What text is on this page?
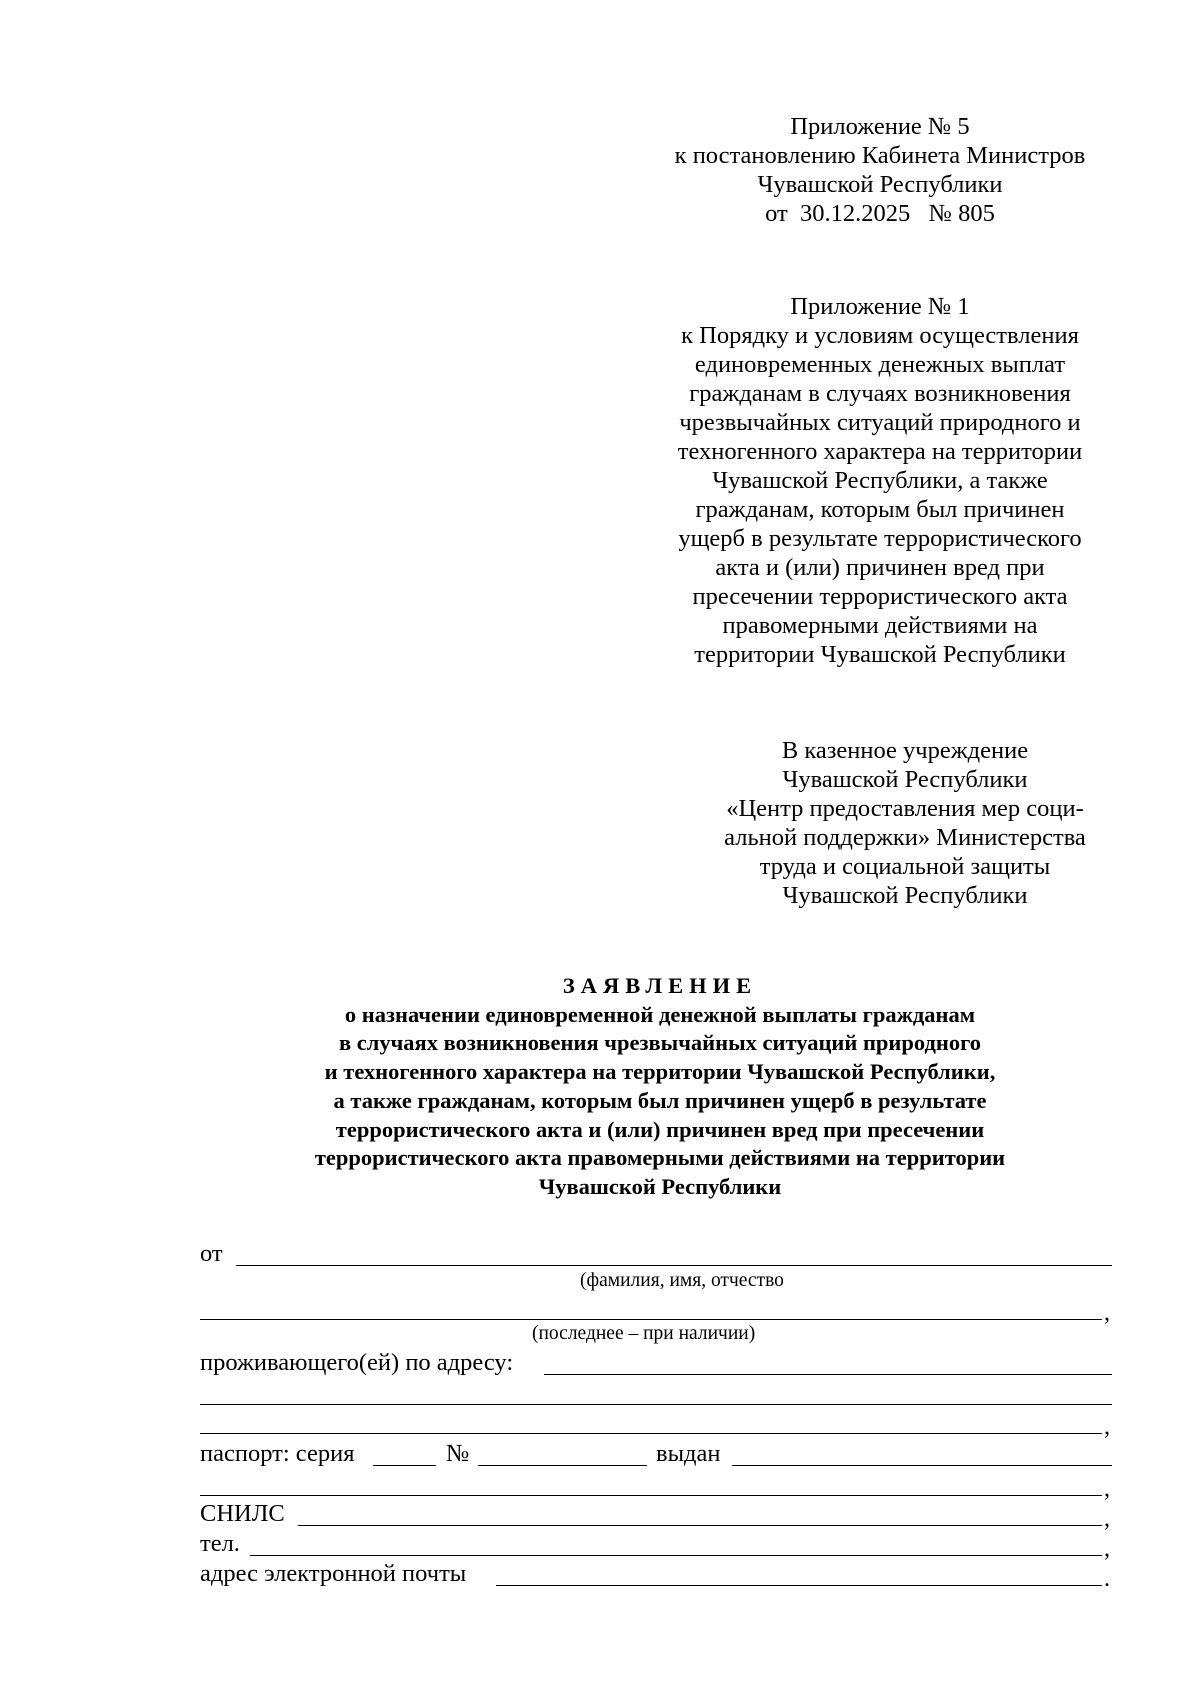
Приложение № 5
к постановлению Кабинета Министров
Чувашской Республики
от  30.12.2025   № 805
Приложение № 1
к Порядку и условиям осуществления
единовременных денежных выплат
гражданам в случаях возникновения
чрезвычайных ситуаций природного и
техногенного характера на территории
Чувашской Республики, а также
гражданам, которым был причинен
ущерб в результате террористического
акта и (или) причинен вред при
пресечении террористического акта
правомерными действиями на
территории Чувашской Республики
В казенное учреждение
Чувашской Республики
«Центр предоставления мер соци-
альной поддержки» Министерства
труда и социальной защиты
Чувашской Республики
ЗАЯВЛЕНИЕ
о назначении единовременной денежной выплаты гражданам
в случаях возникновения чрезвычайных ситуаций природного
и техногенного характера на территории Чувашской Республики,
а также гражданам, которым был причинен ущерб в результате
террористического акта и (или) причинен вред при пресечении
террористического акта правомерными действиями на территории
Чувашской Республики
от
(фамилия, имя, отчество
,
(последнее – при наличии)
проживающего(ей) по адресу:
,
паспорт: серия	№	выдан
,
СНИЛС	,
тел.	,
адрес электронной почты	.
